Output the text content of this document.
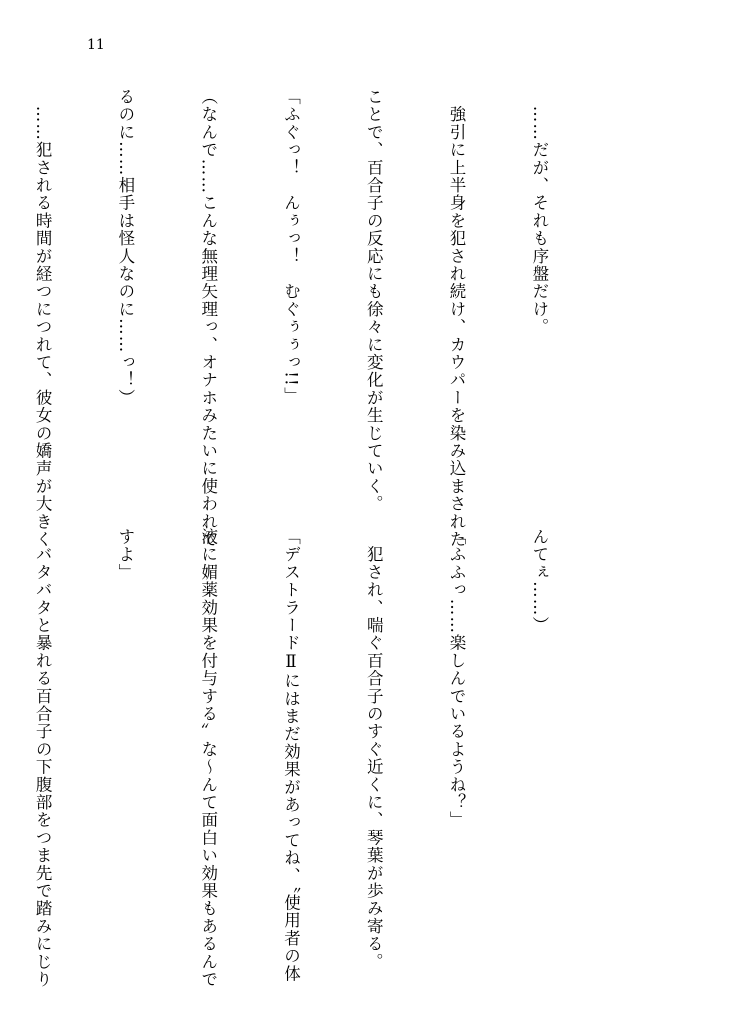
11

　……だが、それも序盤だけ。

　強引に上半身を犯され続け、カウパーを染み込まされた

ことで、百合子の反応にも徐々に変化が生じていく。

「ふぐっ！　んぅっ！　むぐぅぅっ!!」

（なんで……こんな無理矢理っ、オナホみたいに使われて

るのに……相手は怪人なのに……っ！）

　……犯される時間が経つにつれて、彼女の嬌声が大きく

んてぇ……）

「ふふっ……楽しんでいるようね？」

　犯され、喘ぐ百合子のすぐ近くに、琴葉が歩み寄る。

「デストラードⅡにはまだ効果があってね、〝使用者の体

液に媚薬効果を付与する〟な〜んて面白い効果もあるんで

すよ」

　バタバタと暴れる百合子の下腹部をつま先で踏みにじり
